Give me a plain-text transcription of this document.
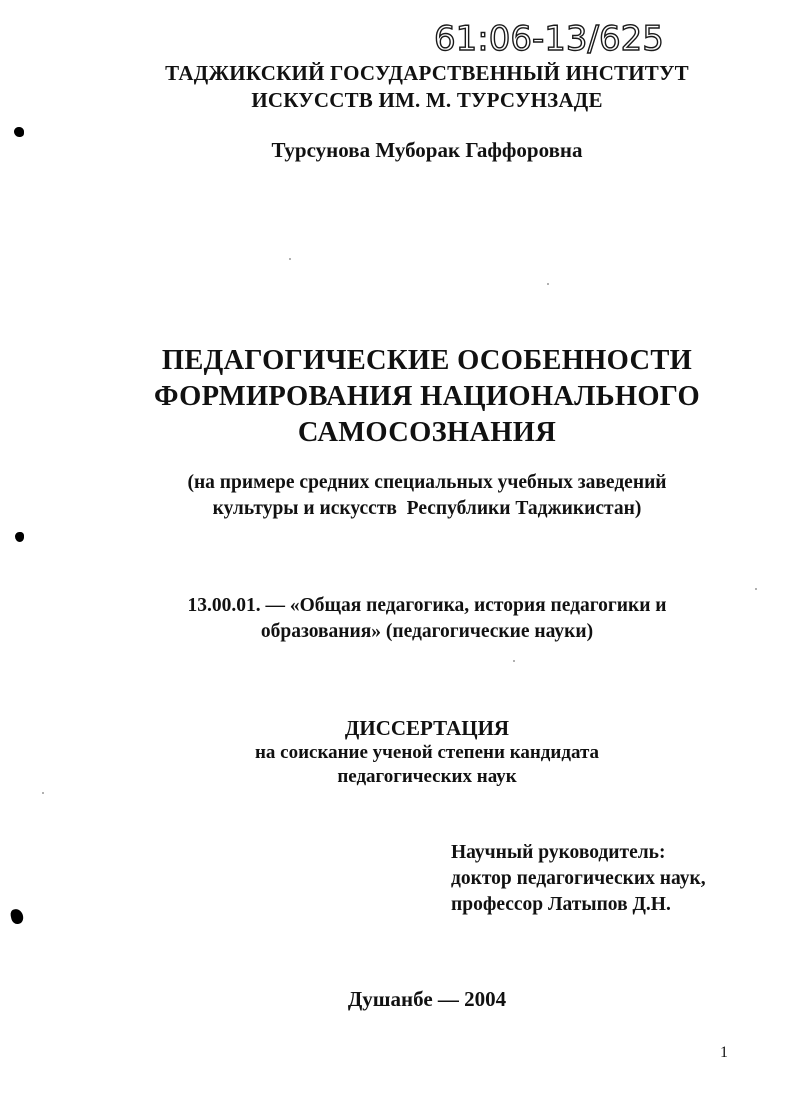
61:06-13/625
ТАДЖИКСКИЙ ГОСУДАРСТВЕННЫЙ ИНСТИТУТ
ИСКУССТВ ИМ. М. ТУРСУНЗАДЕ
Турсунова Муборак Гаффоровна
ПЕДАГОГИЧЕСКИЕ ОСОБЕННОСТИ
ФОРМИРОВАНИЯ НАЦИОНАЛЬНОГО
САМОСОЗНАНИЯ
(на примере средних специальных учебных заведений
культуры и искусств  Республики Таджикистан)
13.00.01. — «Общая педагогика, история педагогики и
образования» (педагогические науки)
ДИССЕРТАЦИЯ
на соискание ученой степени кандидата
педагогических наук
Научный руководитель:
доктор педагогических наук,
профессор Латыпов Д.Н.
Душанбе — 2004
1
